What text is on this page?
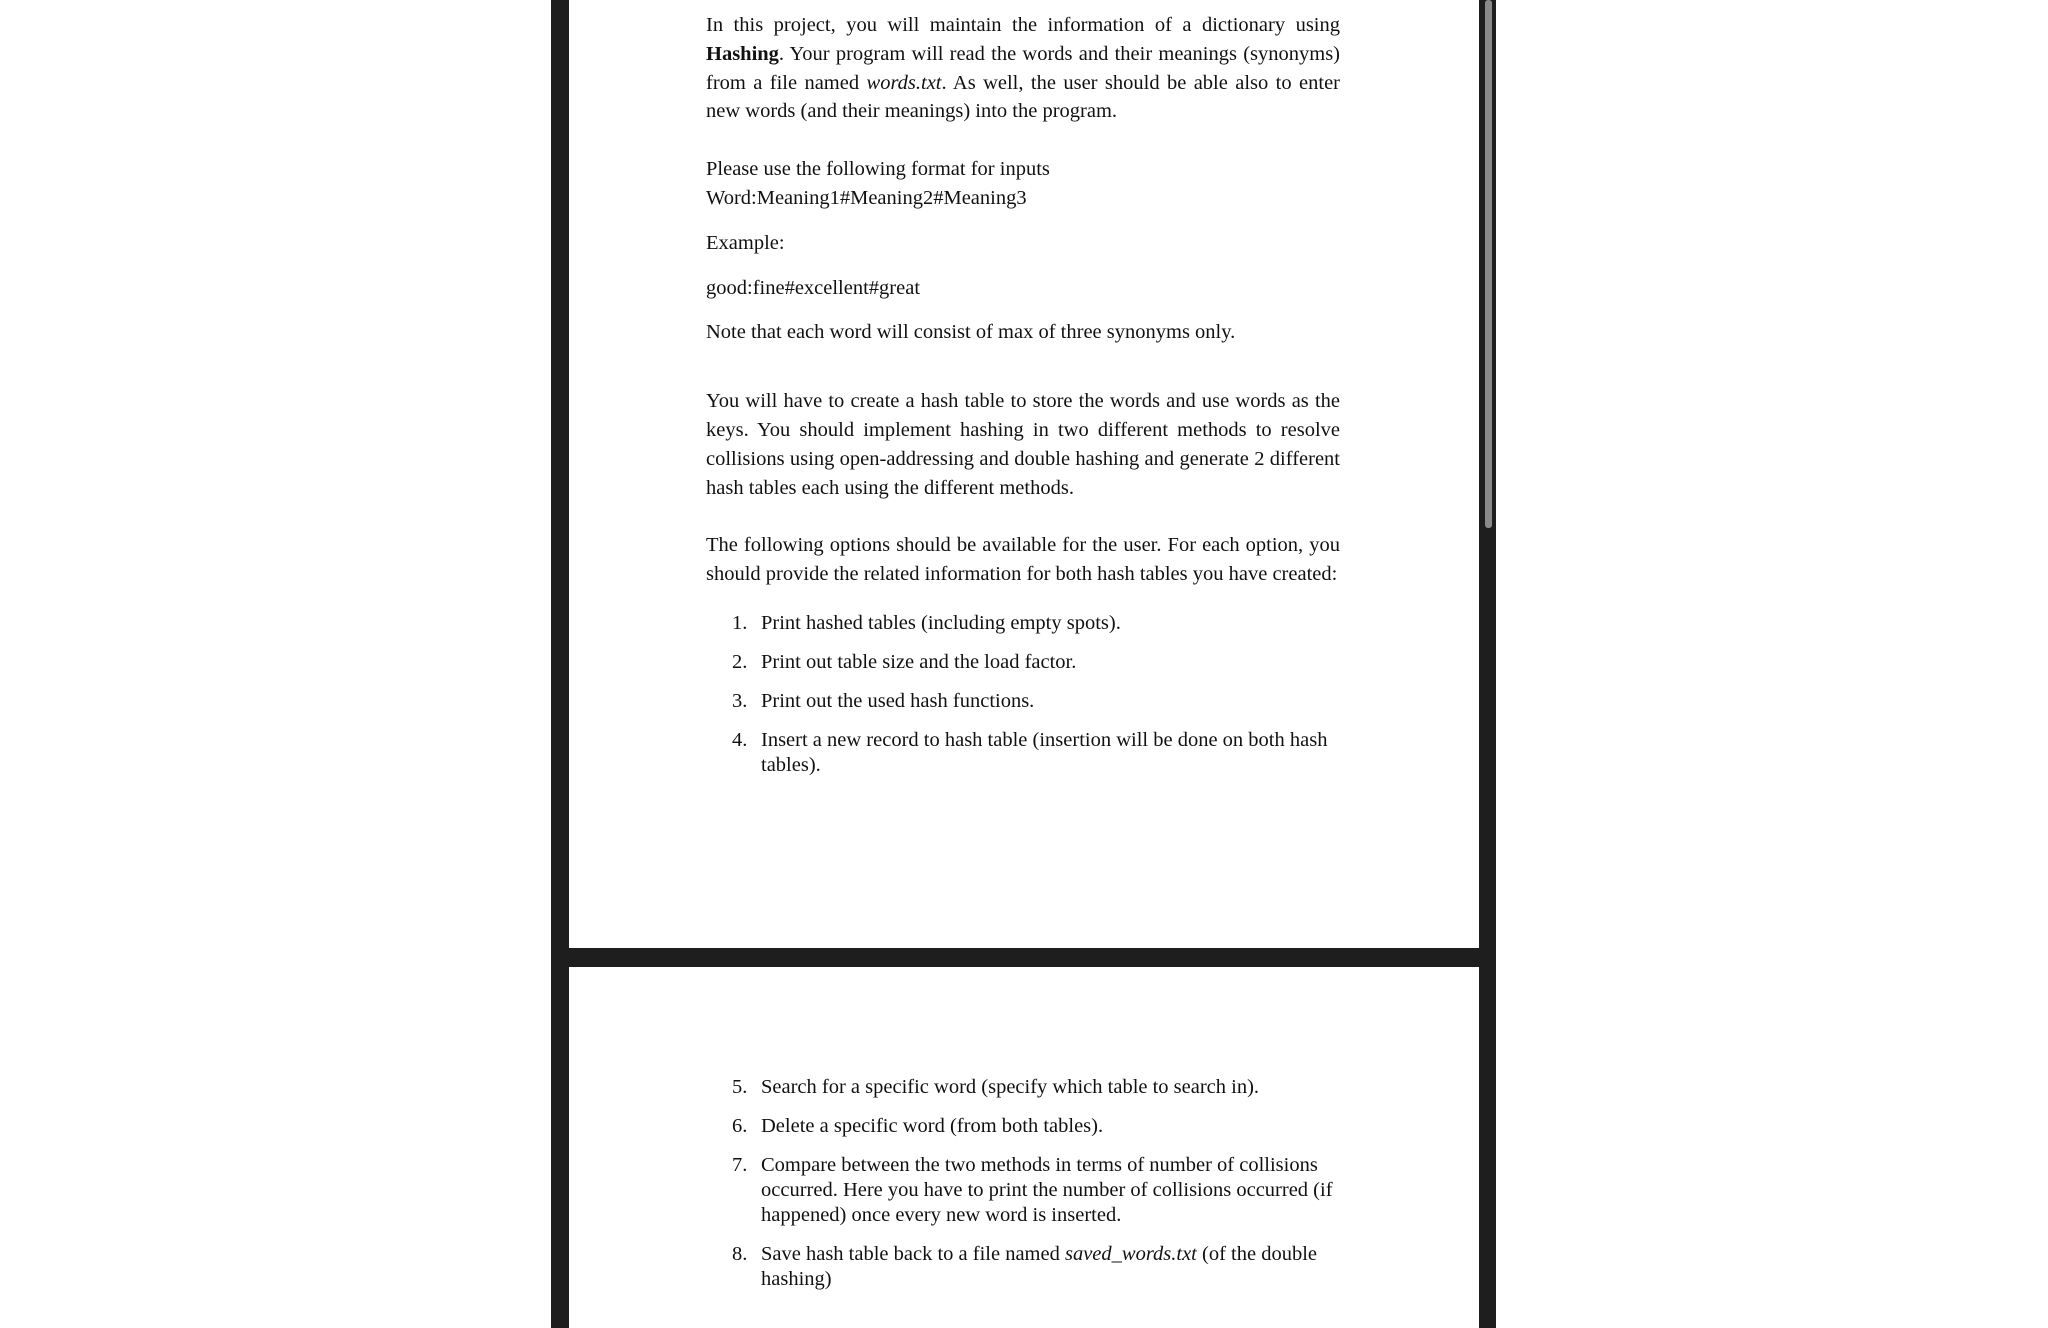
In this project, you will maintain the information of a dictionary using Hashing. Your program will read the words and their meanings (synonyms) from a file named words.txt. As well, the user should be able also to enter new words (and their meanings) into the program.

Please use the following format for inputs

Word:Meaning1#Meaning2#Meaning3

Example:

good:fine#excellent#great

Note that each word will consist of max of three synonyms only.

You will have to create a hash table to store the words and use words as the keys. You should implement hashing in two different methods to resolve collisions using open-addressing and double hashing and generate 2 different hash tables each using the different methods.

The following options should be available for the user. For each option, you should provide the related information for both hash tables you have created:

1. Print hashed tables (including empty spots).
2. Print out table size and the load factor.
3. Print out the used hash functions.
4. Insert a new record to hash table (insertion will be done on both hash tables).
5. Search for a specific word (specify which table to search in).
6. Delete a specific word (from both tables).
7. Compare between the two methods in terms of number of collisions occurred. Here you have to print the number of collisions occurred (if happened) once every new word is inserted.
8. Save hash table back to a file named saved_words.txt (of the double hashing)
